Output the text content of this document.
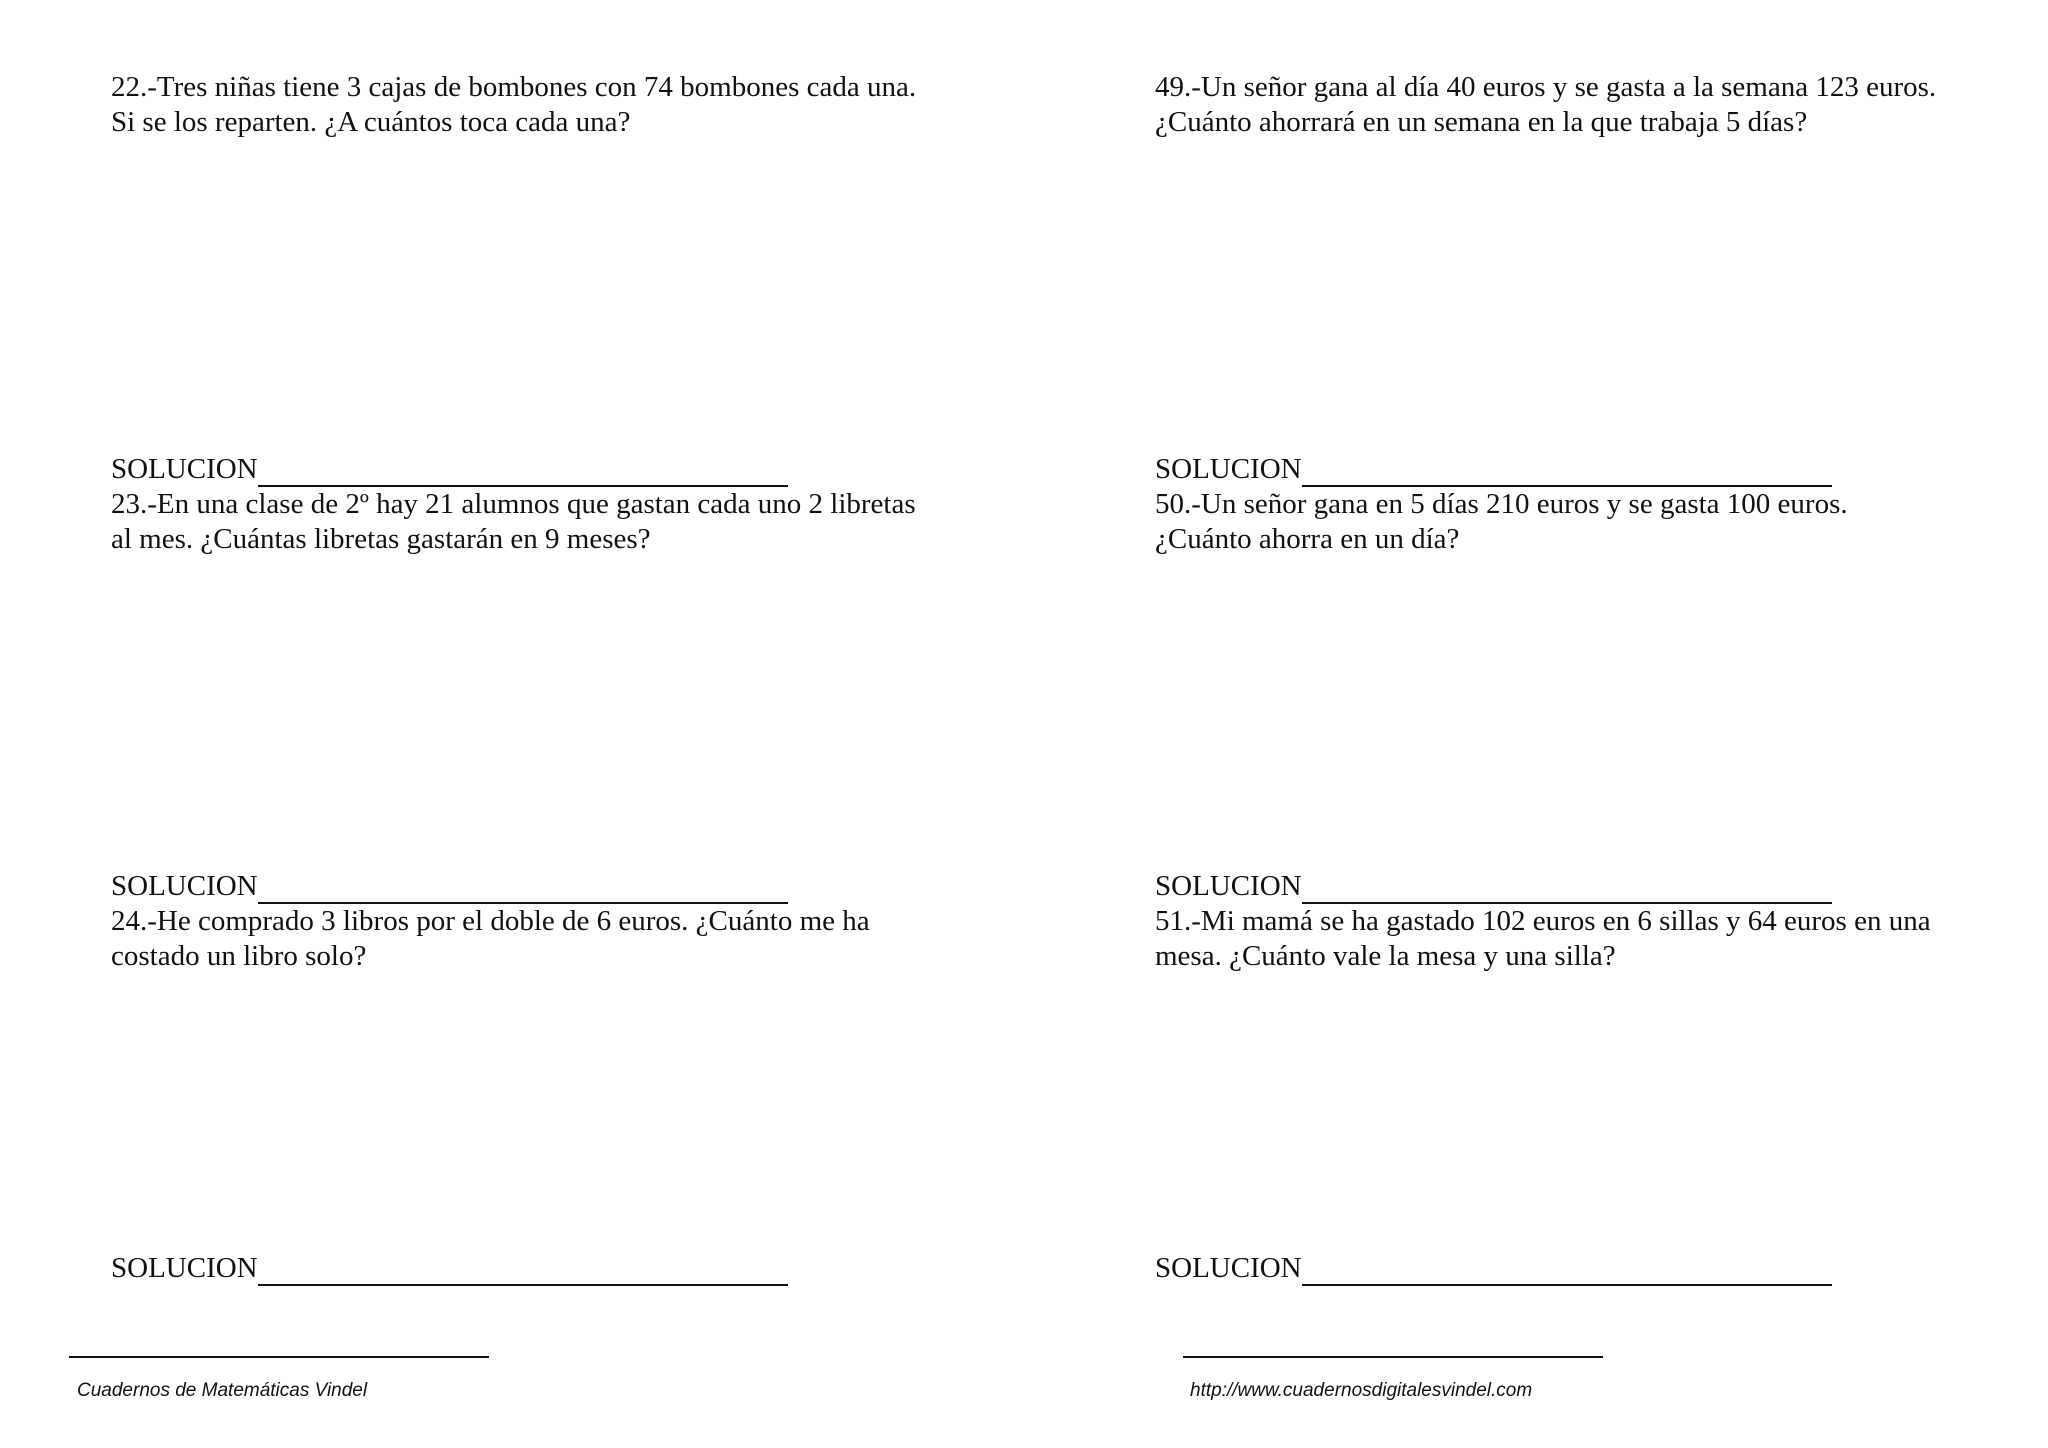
22.-Tres niñas tiene 3 cajas de bombones con 74 bombones cada una.
Si se los reparten. ¿A cuántos toca cada una?

SOLUCION

23.-En una clase de 2º hay 21 alumnos que gastan cada uno 2 libretas
al mes. ¿Cuántas libretas gastarán en 9 meses?

SOLUCION

24.-He comprado 3 libros por el doble de 6 euros. ¿Cuánto me ha
costado un libro solo?

SOLUCION

49.-Un señor gana al día 40 euros y se gasta a la semana 123 euros.
¿Cuánto ahorrará en un semana en la que trabaja 5 días?

SOLUCION

50.-Un señor gana en 5 días 210 euros y se gasta 100 euros.
¿Cuánto ahorra en un día?

SOLUCION

51.-Mi mamá se ha gastado 102 euros en 6 sillas y 64 euros en una
mesa. ¿Cuánto vale la mesa y una silla?

SOLUCION
Cuadernos de Matemáticas Vindel	http://www.cuadernosdigitalesvindel.com
